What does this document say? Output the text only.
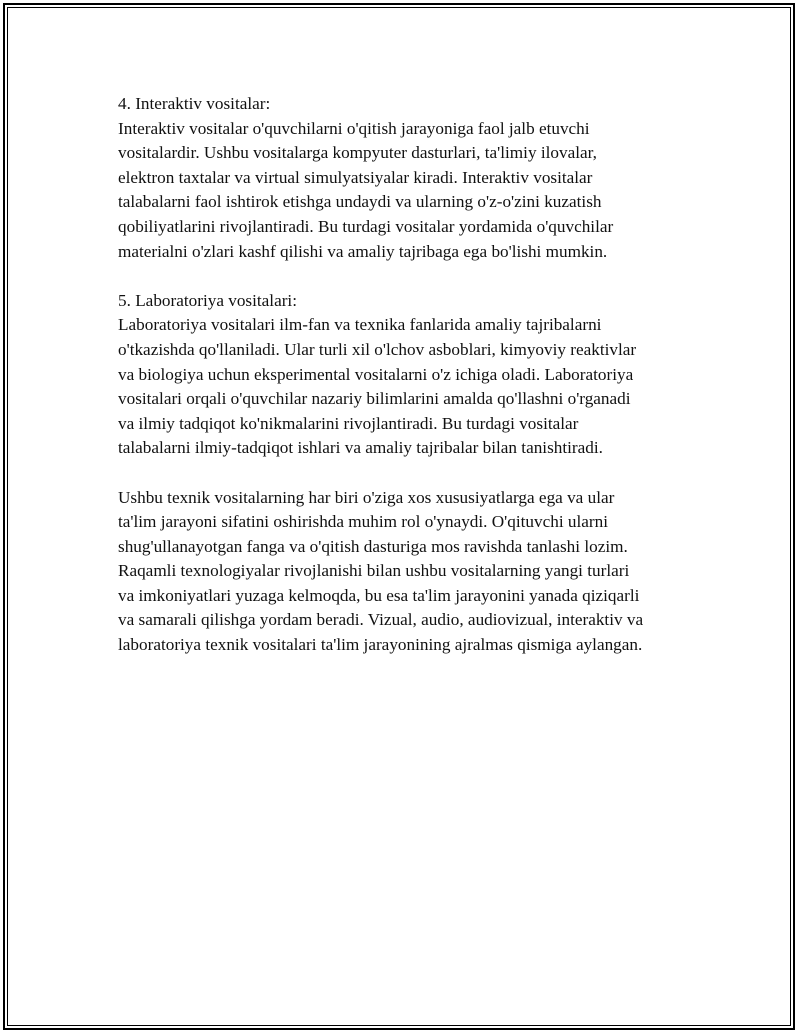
4. Interaktiv vositalar:
Interaktiv vositalar o'quvchilarni o'qitish jarayoniga faol jalb etuvchi
vositalardir. Ushbu vositalarga kompyuter dasturlari, ta'limiy ilovalar,
elektron taxtalar va virtual simulyatsiyalar kiradi. Interaktiv vositalar
talabalarni faol ishtirok etishga undaydi va ularning o'z-o'zini kuzatish
qobiliyatlarini rivojlantiradi. Bu turdagi vositalar yordamida o'quvchilar
materialni o'zlari kashf qilishi va amaliy tajribaga ega bo'lishi mumkin.
5. Laboratoriya vositalari:
Laboratoriya vositalari ilm-fan va texnika fanlarida amaliy tajribalarni
o'tkazishda qo'llaniladi. Ular turli xil o'lchov asboblari, kimyoviy reaktivlar
va biologiya uchun eksperimental vositalarni o'z ichiga oladi. Laboratoriya
vositalari orqali o'quvchilar nazariy bilimlarini amalda qo'llashni o'rganadi
va ilmiy tadqiqot ko'nikmalarini rivojlantiradi. Bu turdagi vositalar
talabalarni ilmiy-tadqiqot ishlari va amaliy tajribalar bilan tanishtiradi.
Ushbu texnik vositalarning har biri o'ziga xos xususiyatlarga ega va ular
ta'lim jarayoni sifatini oshirishda muhim rol o'ynaydi. O'qituvchi ularni
shug'ullanayotgan fanga va o'qitish dasturiga mos ravishda tanlashi lozim.
Raqamli texnologiyalar rivojlanishi bilan ushbu vositalarning yangi turlari
va imkoniyatlari yuzaga kelmoqda, bu esa ta'lim jarayonini yanada qiziqarli
va samarali qilishga yordam beradi. Vizual, audio, audiovizual, interaktiv va
laboratoriya texnik vositalari ta'lim jarayonining ajralmas qismiga aylangan.
